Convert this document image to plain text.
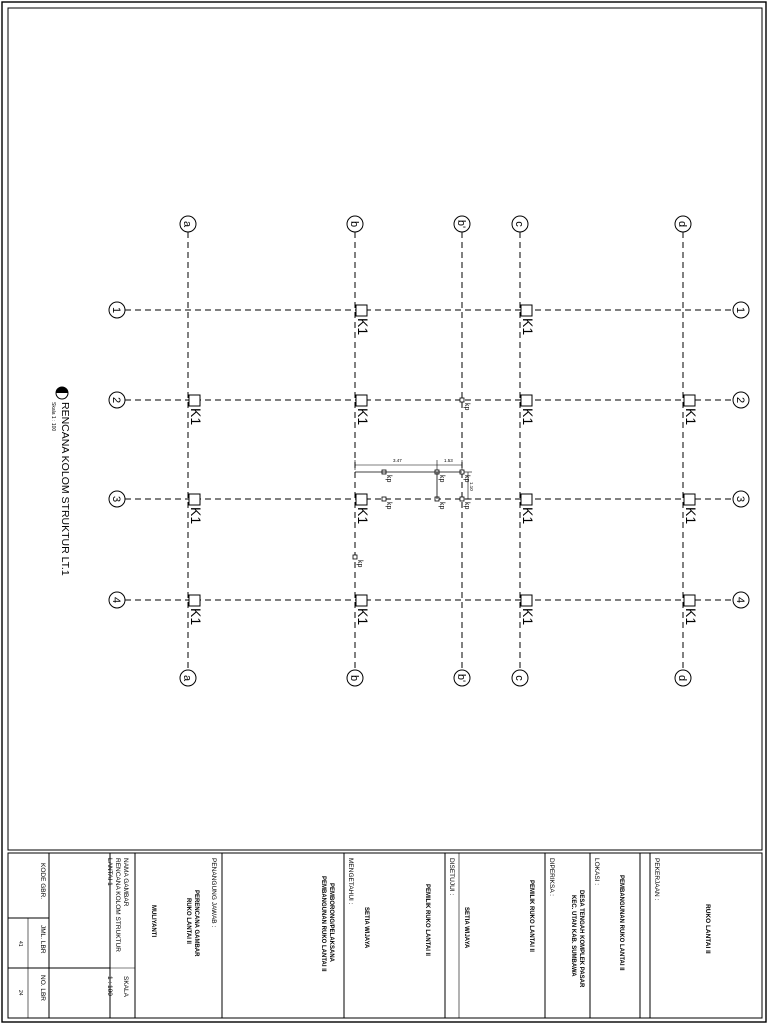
a	b	b'	c	d
a	b	b'	c	d
1
2
3
4
1
2
3
4
K1	K1
K1	K1	K1	K1
K1	K1	K1	K1
K1	K1	K1	K1
kp
kp
kp	kp
kp
kp
kp
kp
3.47	1.53
1.10
RENCANA KOLOM STRUKTUR LT.1
Skala 1 : 100
PEKERJAAN :
RUKO LANTAI II
LOKASI :
PEMBANGUNAN RUKO LANTAI II
DESA TENGAH KOMPLEK PASAR
KEC. UTAN KAB. SUMBAWA
DIPERIKSA :
PEMILIK RUKO LANTAI II
DISETUJUI :
SETIA WIJAYA
PEMILIK RUKO LANTAI II
MENGETAHUI :
SETIA WIJAYA
PEMBORONG/PELAKSANA
PEMBANGUNAN RUKO LANTAI II
PENANGUNG JAWAB :
PERENCANA GAMBAR
RUKO LANTAI II
NAMA GAMBAR
RENCANA KOLOM STRUKTUR
LANTAI 1
MULIYANTI
SKALA
1 : 100
KODE GBR.
JML. LBR
41
NO. LBR
24
